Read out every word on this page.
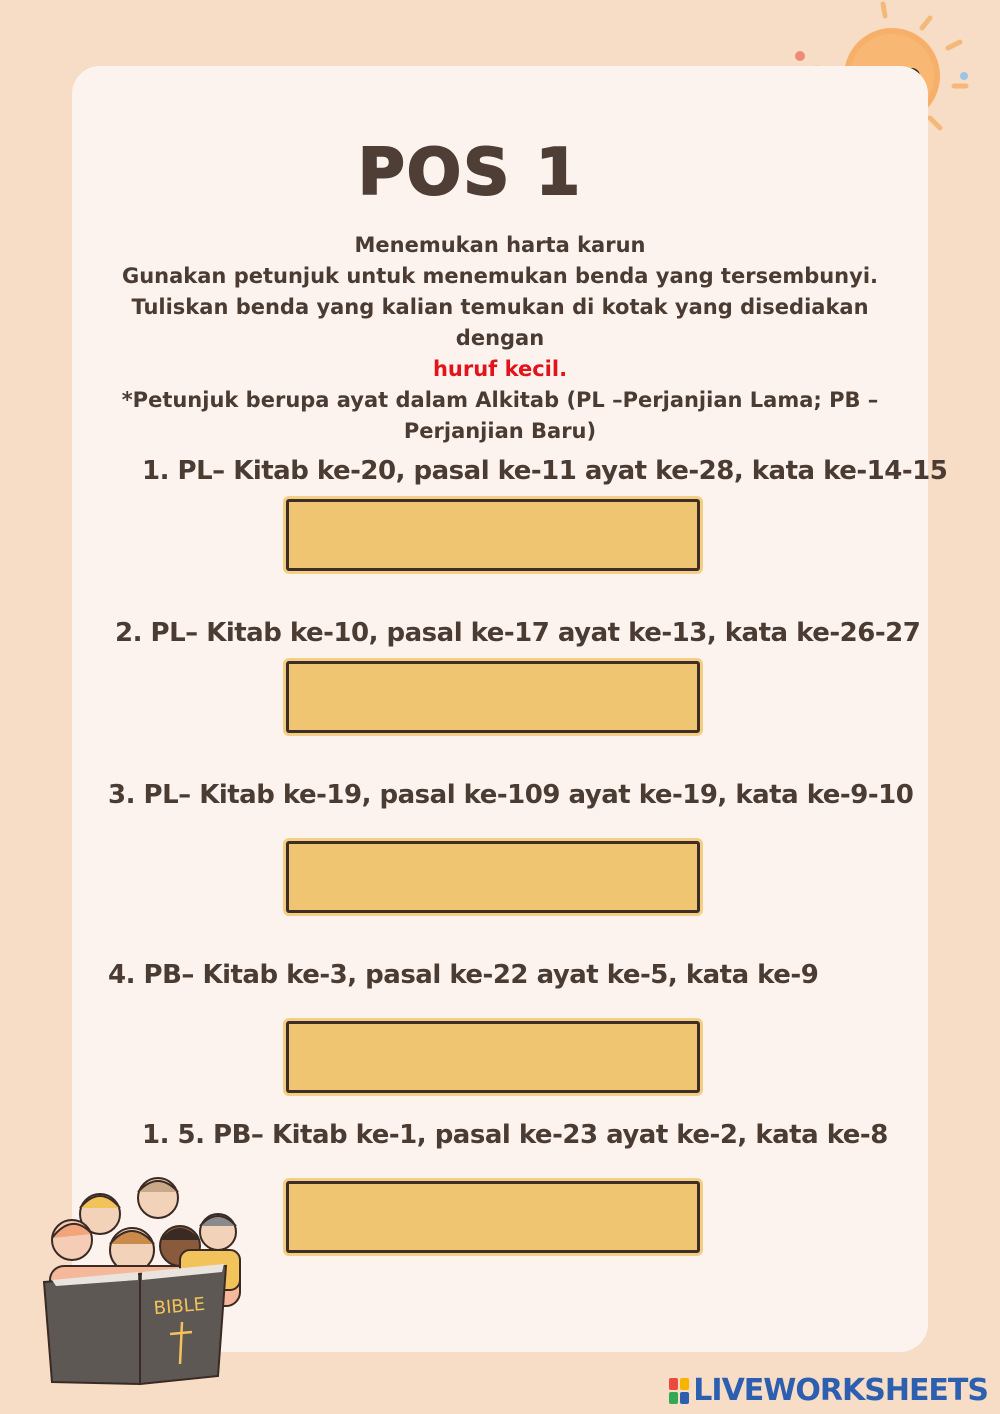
POS 1
Menemukan harta karun
Gunakan petunjuk untuk menemukan benda yang tersembunyi.
Tuliskan benda yang kalian temukan di kotak yang disediakan
dengan
huruf kecil.
*Petunjuk berupa ayat dalam Alkitab (PL –Perjanjian Lama; PB –
Perjanjian Baru)
1. PL– Kitab ke-20, pasal ke-11 ayat ke-28, kata ke-14-15
2. PL– Kitab ke-10, pasal ke-17 ayat ke-13, kata ke-26-27
3. PL– Kitab ke-19, pasal ke-109 ayat ke-19, kata ke-9-10
4. PB– Kitab ke-3, pasal ke-22 ayat ke-5, kata ke-9
1. 5. PB– Kitab ke-1, pasal ke-23 ayat ke-2, kata ke-8
BIBLE
LIVEWORKSHEETS
